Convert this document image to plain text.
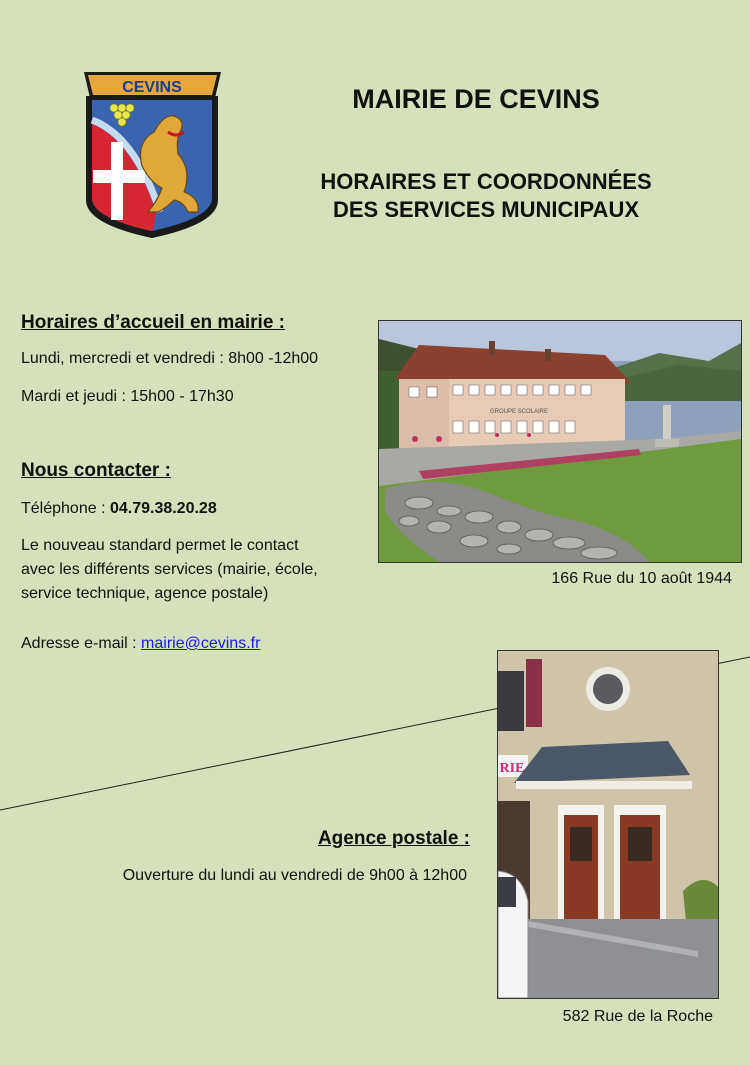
CEVINS	MAIRIE DE CEVINS
HORAIRES ET COORDONNÉES
DES SERVICES MUNICIPAUX
Horaires d’accueil en mairie :
Lundi, mercredi et vendredi : 8h00 -12h00
Mardi et jeudi : 15h00 - 17h30
Nous contacter :
Téléphone : 04.79.38.20.28
Le nouveau standard permet le contact
avec les différents services (mairie, école,
service technique, agence postale)
Adresse e-mail : mairie@cevins.fr
GROUPE SCOLAIRE
166 Rue du 10 août 1944
Agence postale :
Ouverture du lundi au vendredi de 9h00 à 12h00
RIE
582 Rue de la Roche
